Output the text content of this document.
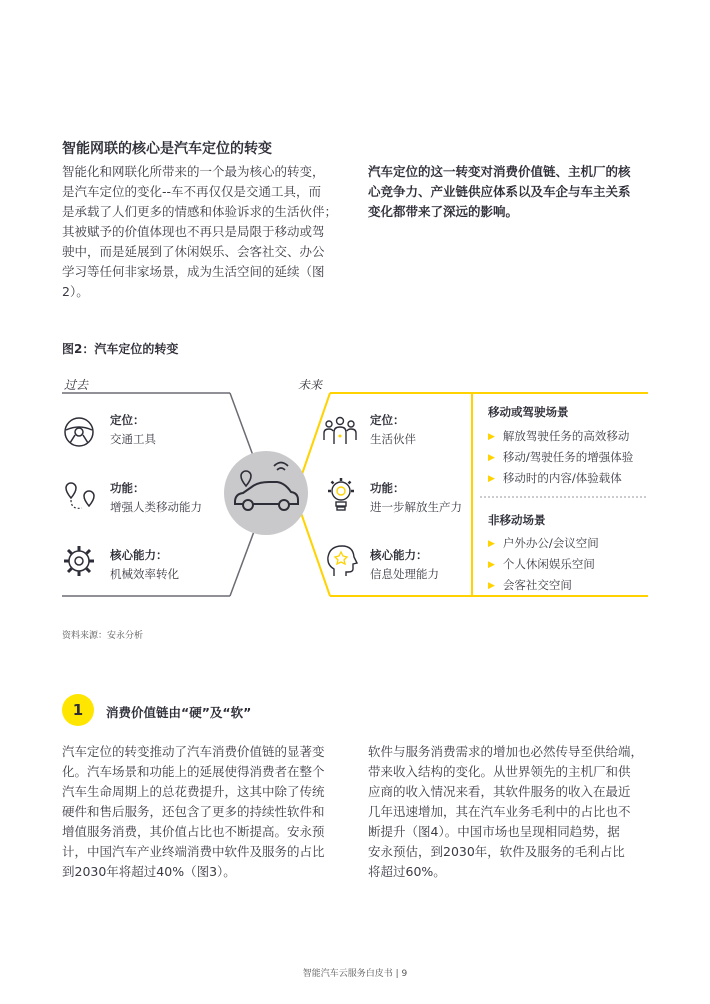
智能网联的核心是汽车定位的转变
智能化和网联化所带来的一个最为核心的转变，
是汽车定位的变化--车不再仅仅是交通工具，而
是承载了人们更多的情感和体验诉求的生活伙伴；
其被赋予的价值体现也不再只是局限于移动或驾
驶中，而是延展到了休闲娱乐、会客社交、办公
学习等任何非家场景，成为生活空间的延续（图
2）。
汽车定位的这一转变对消费价值链、主机厂的核
心竞争力、产业链供应体系以及车企与车主关系
变化都带来了深远的影响。
图2：汽车定位的转变
过去	未来
定位：
交通工具
功能：
增强人类移动能力
核心能力：
机械效率转化
定位：
生活伙伴
功能：
进一步解放生产力
核心能力：
信息处理能力
移动或驾驶场景
▶ 解放驾驶任务的高效移动
▶ 移动/驾驶任务的增强体验
▶ 移动时的内容/体验载体
非移动场景
▶ 户外办公/会议空间
▶ 个人休闲娱乐空间
▶ 会客社交空间
资料来源：安永分析
1	消费价值链由“硬”及“软”
汽车定位的转变推动了汽车消费价值链的显著变
化。汽车场景和功能上的延展使得消费者在整个
汽车生命周期上的总花费提升，这其中除了传统
硬件和售后服务，还包含了更多的持续性软件和
增值服务消费，其价值占比也不断提高。安永预
计，中国汽车产业终端消费中软件及服务的占比
到2030年将超过40%（图3）。
软件与服务消费需求的增加也必然传导至供给端，
带来收入结构的变化。从世界领先的主机厂和供
应商的收入情况来看，其软件服务的收入在最近
几年迅速增加，其在汽车业务毛利中的占比也不
断提升（图4）。中国市场也呈现相同趋势，据
安永预估，到2030年，软件及服务的毛利占比
将超过60%。
智能汽车云服务白皮书 | 9
